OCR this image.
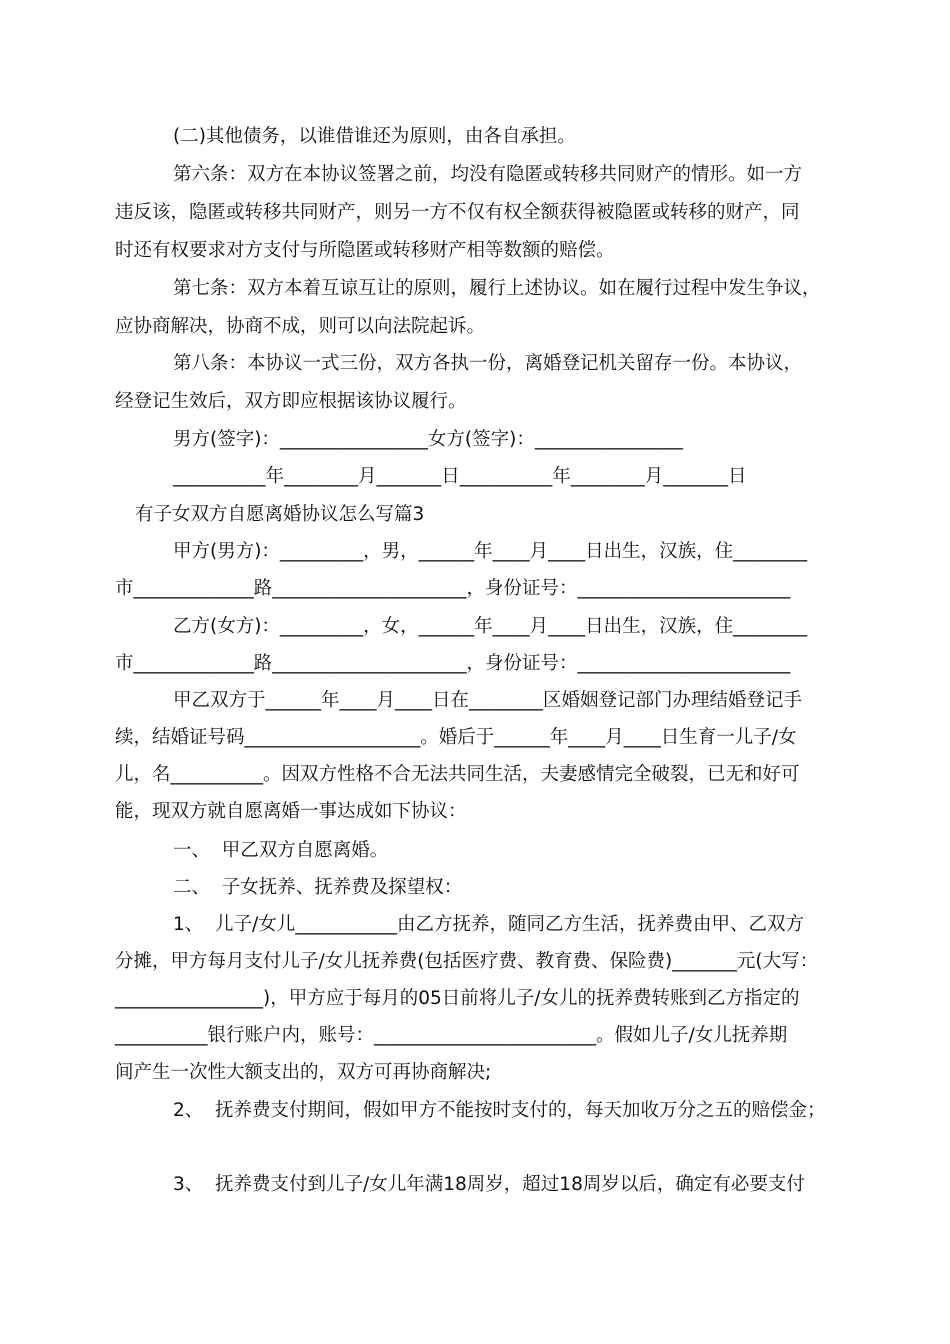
(二)其他债务，以谁借谁还为原则，由各自承担。
第六条：双方在本协议签署之前，均没有隐匿或转移共同财产的情形。如一方
违反该，隐匿或转移共同财产，则另一方不仅有权全额获得被隐匿或转移的财产，同
时还有权要求对方支付与所隐匿或转移财产相等数额的赔偿。
第七条：双方本着互谅互让的原则，履行上述协议。如在履行过程中发生争议，
应协商解决，协商不成，则可以向法院起诉。
第八条：本协议一式三份，双方各执一份，离婚登记机关留存一份。本协议，
经登记生效后，双方即应根据该协议履行。
男方(签字)：________________女方(签字)：________________
__________年________月_______日__________年________月_______日
有子女双方自愿离婚协议怎么写篇3
甲方(男方)：_________，男，______年____月____日出生，汉族，住________
市_____________路_____________________，身份证号：_______________________
乙方(女方)：_________，女，______年____月____日出生，汉族，住________
市_____________路_____________________，身份证号：_______________________
甲乙双方于______年____月____日在________区婚姻登记部门办理结婚登记手
续，结婚证号码___________________。婚后于______年____月____日生育一儿子/女
儿，名__________。因双方性格不合无法共同生活，夫妻感情完全破裂，已无和好可
能，现双方就自愿离婚一事达成如下协议：
一、  甲乙双方自愿离婚。
二、  子女抚养、抚养费及探望权：
1、  儿子/女儿___________由乙方抚养，随同乙方生活，抚养费由甲、乙双方
分摊，甲方每月支付儿子/女儿抚养费(包括医疗费、教育费、保险费)_______元(大写：
________________)，甲方应于每月的05日前将儿子/女儿的抚养费转账到乙方指定的
__________银行账户内，账号：________________________。假如儿子/女儿抚养期
间产生一次性大额支出的，双方可再协商解决;
2、  抚养费支付期间，假如甲方不能按时支付的，每天加收万分之五的赔偿金；
3、  抚养费支付到儿子/女儿年满18周岁，超过18周岁以后，确定有必要支付
